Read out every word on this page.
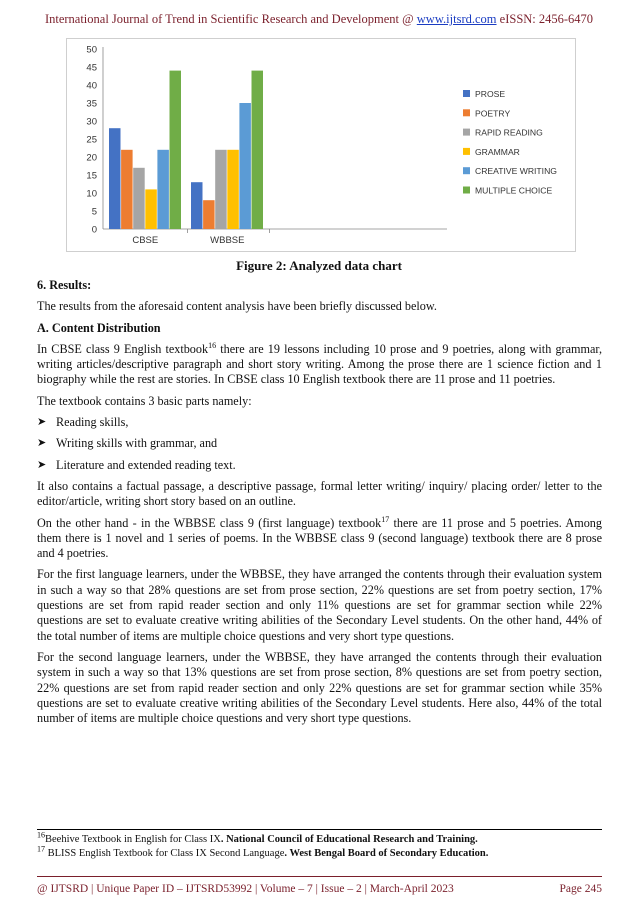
International Journal of Trend in Scientific Research and Development @ www.ijtsrd.com eISSN: 2456-6470
0
5
10
15
20
25
30
35
40
45
50
CBSE	WBBSE
PROSE
POETRY
RAPID READING
GRAMMAR
CREATIVE WRITING
MULTIPLE CHOICE
Figure 2: Analyzed data chart

6. Results:

The results from the aforesaid content analysis have been briefly discussed below.

A. Content Distribution

In CBSE class 9 English textbook$^{16}$ there are 19 lessons including 10 prose and 9 poetries, along with grammar, writing articles/descriptive paragraph and short story writing. Among the prose there are 1 science fiction and 1 biography while the rest are stories. In CBSE class 10 English textbook there are 11 prose and 11 poetries.

The textbook contains 3 basic parts namely:

➤ Reading skills,
➤ Writing skills with grammar, and
➤ Literature and extended reading text.

It also contains a factual passage, a descriptive passage, formal letter writing/ inquiry/ placing order/ letter to the editor/article, writing short story based on an outline.

On the other hand - in the WBBSE class 9 (first language) textbook$^{17}$ there are 11 prose and 5 poetries. Among them there is 1 novel and 1 series of poems. In the WBBSE class 9 (second language) textbook there are 8 prose and 4 poetries.

For the first language learners, under the WBBSE, they have arranged the contents through their evaluation system in such a way so that 28% questions are set from prose section, 22% questions are set from poetry section, 17% questions are set from rapid reader section and only 11% questions are set for grammar section while 22% questions are set to evaluate creative writing abilities of the Secondary Level students. On the other hand, 44% of the total number of items are multiple choice questions and very short type questions.

For the second language learners, under the WBBSE, they have arranged the contents through their evaluation system in such a way so that 13% questions are set from prose section, 8% questions are set from poetry section, 22% questions are set from rapid reader section and only 22% questions are set for grammar section while 35% questions are set to evaluate creative writing abilities of the Secondary Level students. Here also, 44% of the total number of items are multiple choice questions and very short type questions.

$^{16}$Beehive Textbook in English for Class IX. National Council of Educational Research and Training.
$^{17}$ BLISS English Textbook for Class IX Second Language. West Bengal Board of Secondary Education.
@ IJTSRD | Unique Paper ID – IJTSRD53992 | Volume – 7 | Issue – 2 | March-April 2023	Page 245
